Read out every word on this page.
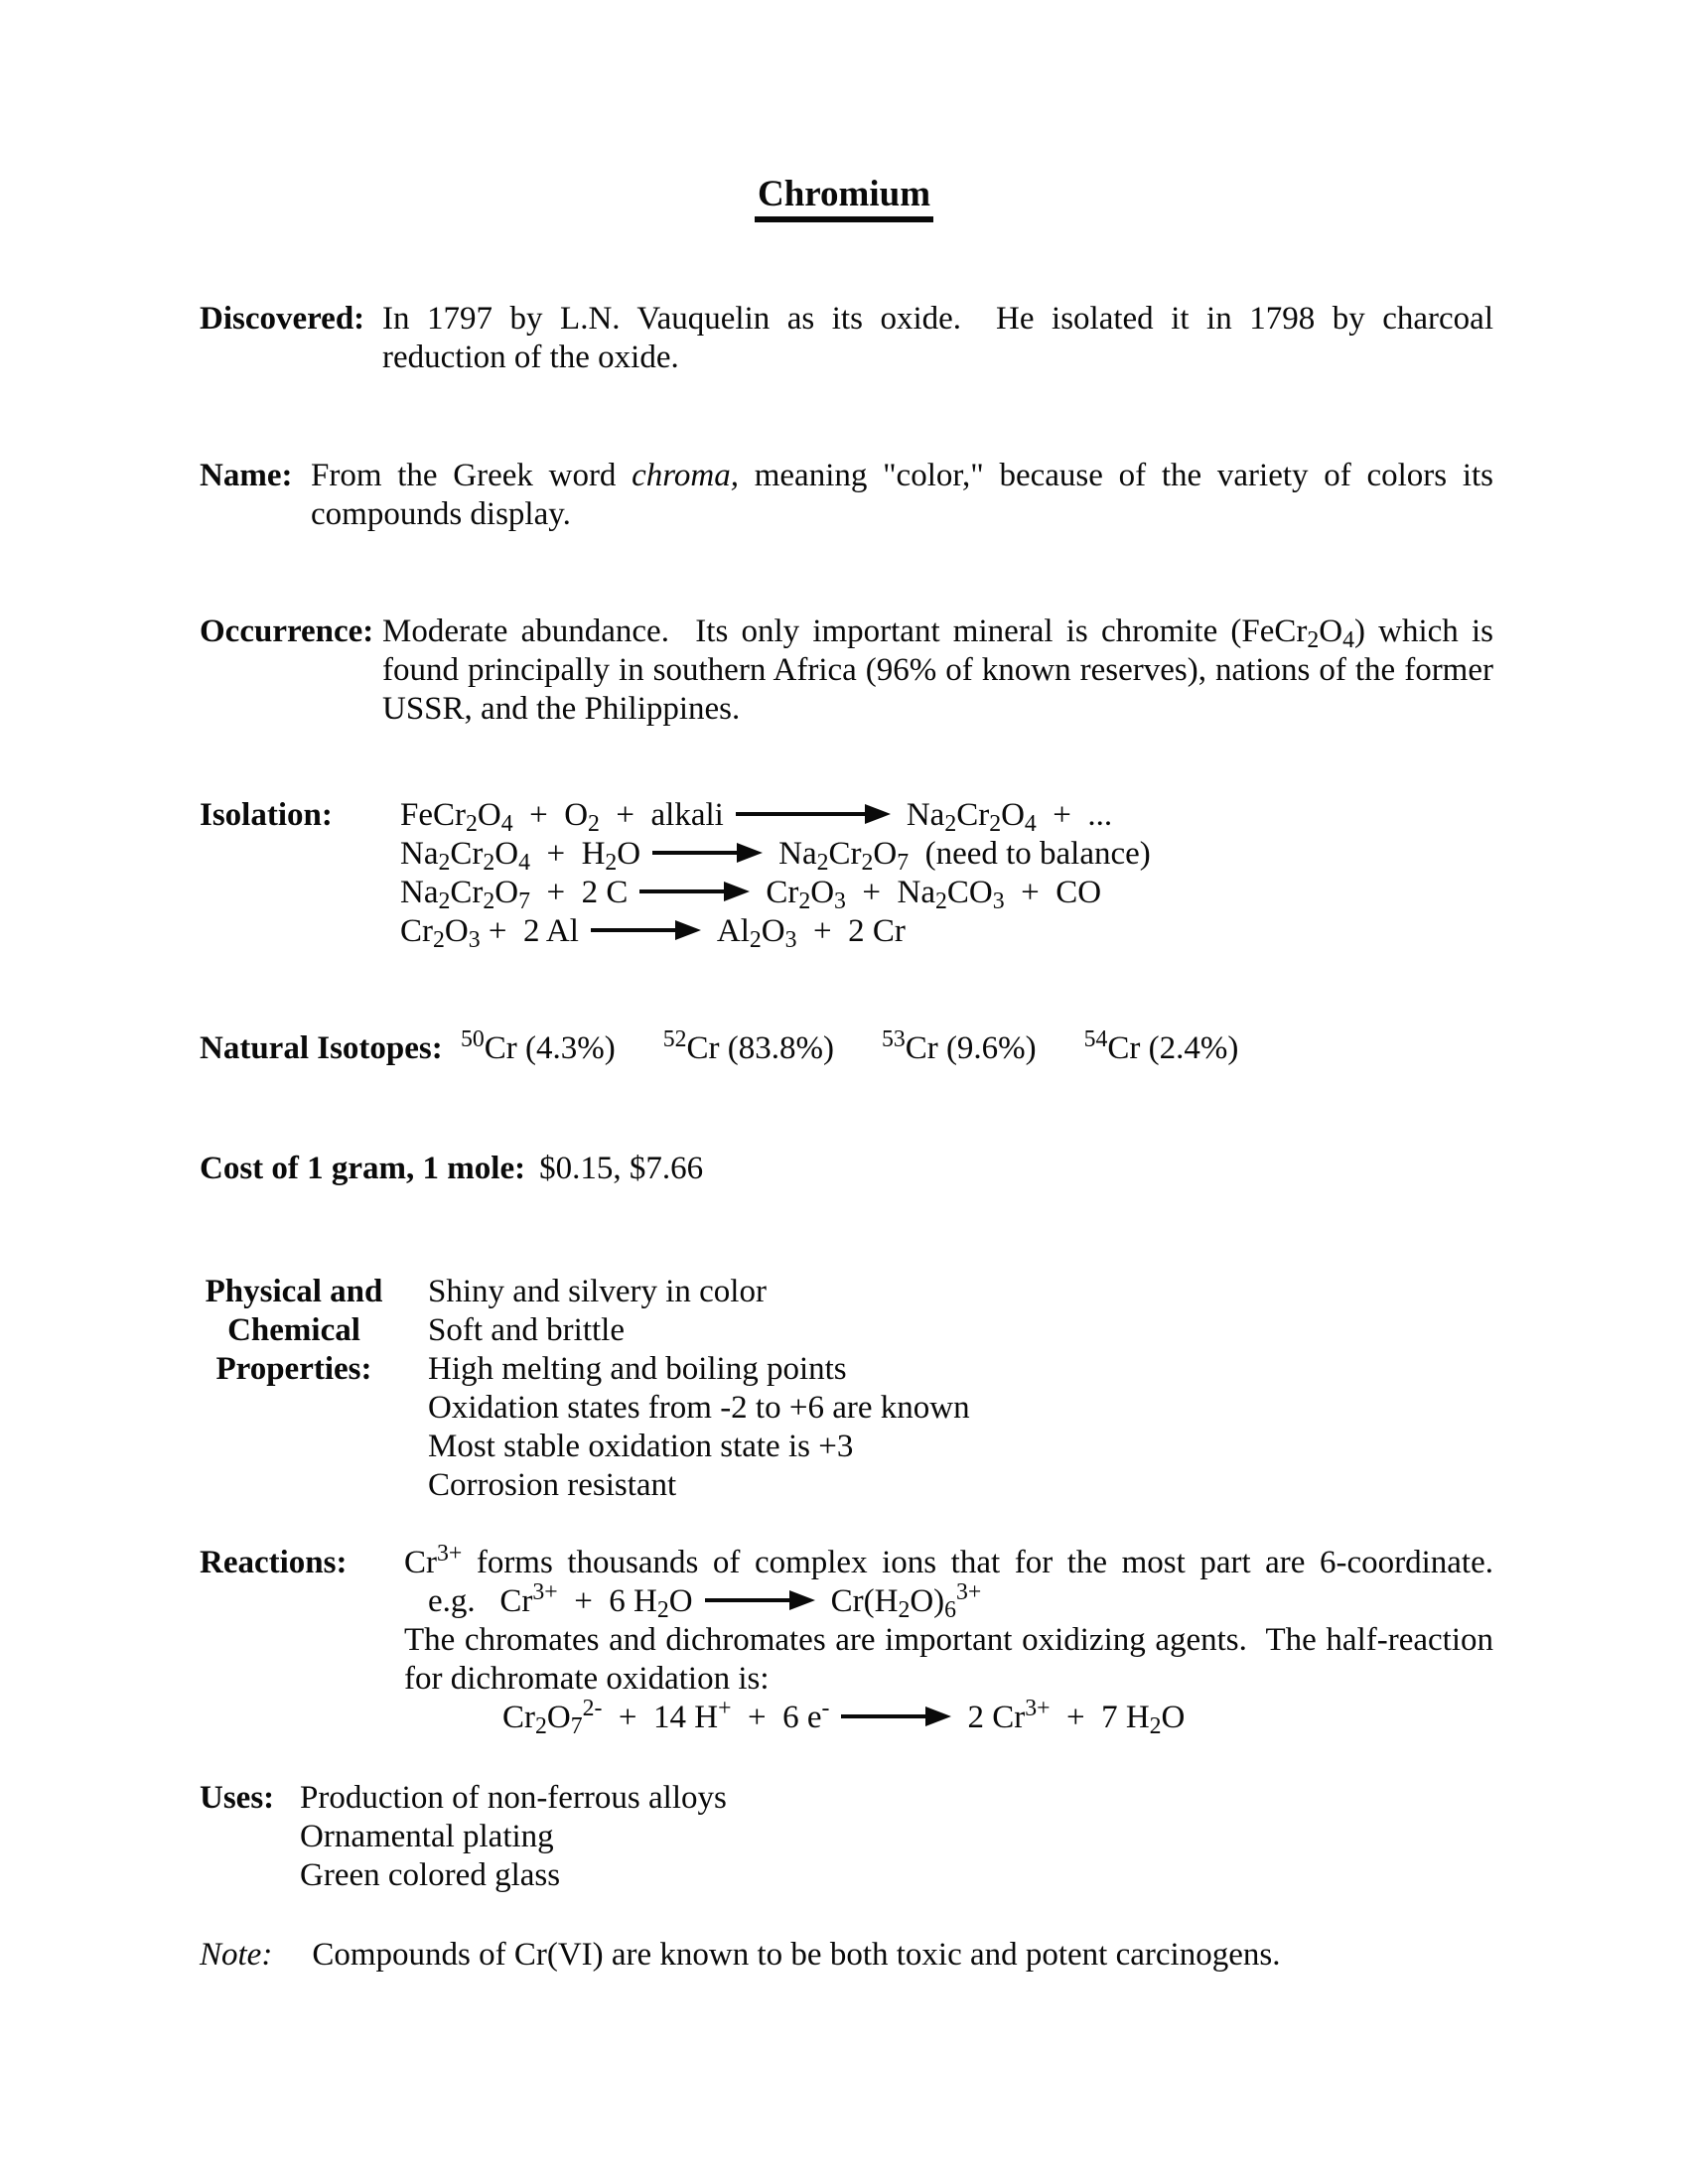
Chromium
Discovered: In 1797 by L.N. Vauquelin as its oxide.  He isolated it in 1798 by charcoal
reduction of the oxide.
Name: From the Greek word chroma, meaning "color," because of the variety of colors its
compounds display.
Occurrence: Moderate abundance.  Its only important mineral is chromite $(FeCr_2O_4)$ which is
found principally in southern Africa (96% of known reserves), nations of the former
USSR, and the Philippines.
Isolation: $FeCr_2O_4 + O_2$  +  alkali	$Na_2Cr_2O_4$  +  ...
$Na_2Cr_2O_4 + H_2O$	$Na_2Cr_2O_7$  (need to balance)
$Na_2Cr_2O_7 + 2$ C	$Cr_2O_3 + Na_2CO_3$  +  CO
$Cr_2O_3 + 2$ Al	$Al_2O_3 + 2$ Cr
Natural Isotopes: $^{50}$Cr (4.3%) $^{52}$Cr (83.8%) $^{53}$Cr (9.6%) $^{54}$Cr (2.4%)
Cost of 1 gram, 1 mole: $0.15, $7.66
Physical and
Chemical
Properties:
Shiny and silvery in color
Soft and brittle
High melting and boiling points
Oxidation states from -2 to +6 are known
Most stable oxidation state is +3
Corrosion resistant
Reactions: $Cr^{3+}$ forms thousands of complex ions that for the most part are 6-coordinate.
e.g.   $Cr^{3+} + 6$ $H_2O$	$Cr(H_2O)_6^{3+}$
The chromates and dichromates are important oxidizing agents.  The half-reaction
for dichromate oxidation is:
$Cr_2O_7^{2-} + 14$ H+  +  6 e-	2 $Cr^{3+} + 7$ $H_2O$
Uses: Production of non-ferrous alloys
Ornamental plating
Green colored glass
Note: Compounds of Cr(VI) are known to be both toxic and potent carcinogens.
